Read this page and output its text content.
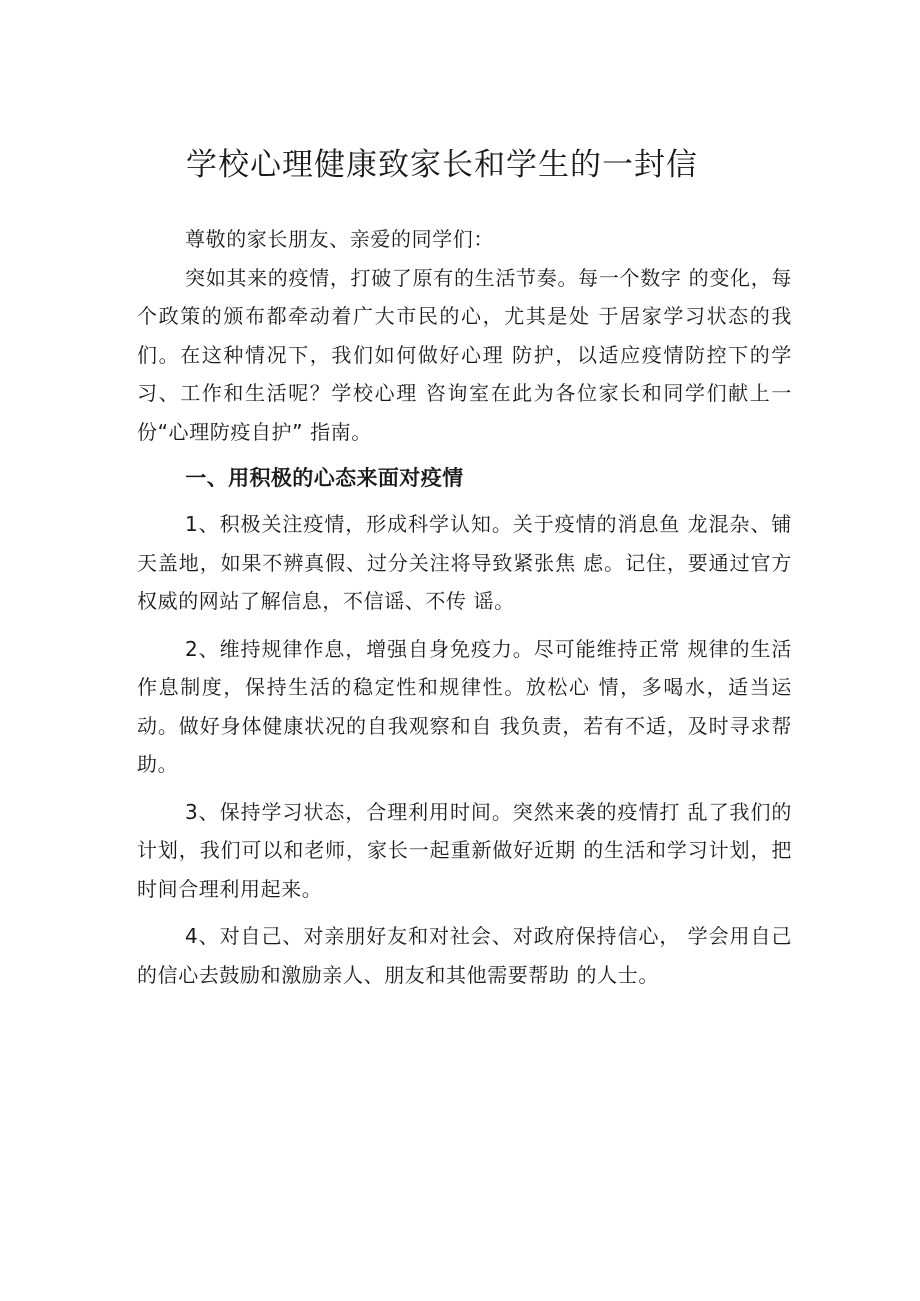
学校心理健康致家长和学生的一封信

尊敬的家长朋友、亲爱的同学们：

突如其来的疫情，打破了原有的生活节奏。每一个数字 的变化，每个政策的颁布都牵动着广大市民的心，尤其是处 于居家学习状态的我们。在这种情况下，我们如何做好心理 防护，以适应疫情防控下的学习、工作和生活呢？学校心理 咨询室在此为各位家长和同学们献上一份“心理防疫自护” 指南。

一、用积极的心态来面对疫情

1、积极关注疫情，形成科学认知。关于疫情的消息鱼 龙混杂、铺天盖地，如果不辨真假、过分关注将导致紧张焦 虑。记住，要通过官方权威的网站了解信息，不信谣、不传 谣。

2、维持规律作息，增强自身免疫力。尽可能维持正常 规律的生活作息制度，保持生活的稳定性和规律性。放松心 情，多喝水，适当运动。做好身体健康状况的自我观察和自 我负责，若有不适，及时寻求帮助。

3、保持学习状态，合理利用时间。突然来袭的疫情打 乱了我们的计划，我们可以和老师，家长一起重新做好近期 的生活和学习计划，把时间合理利用起来。

4、对自己、对亲朋好友和对社会、对政府保持信心， 学会用自己的信心去鼓励和激励亲人、朋友和其他需要帮助 的人士。
